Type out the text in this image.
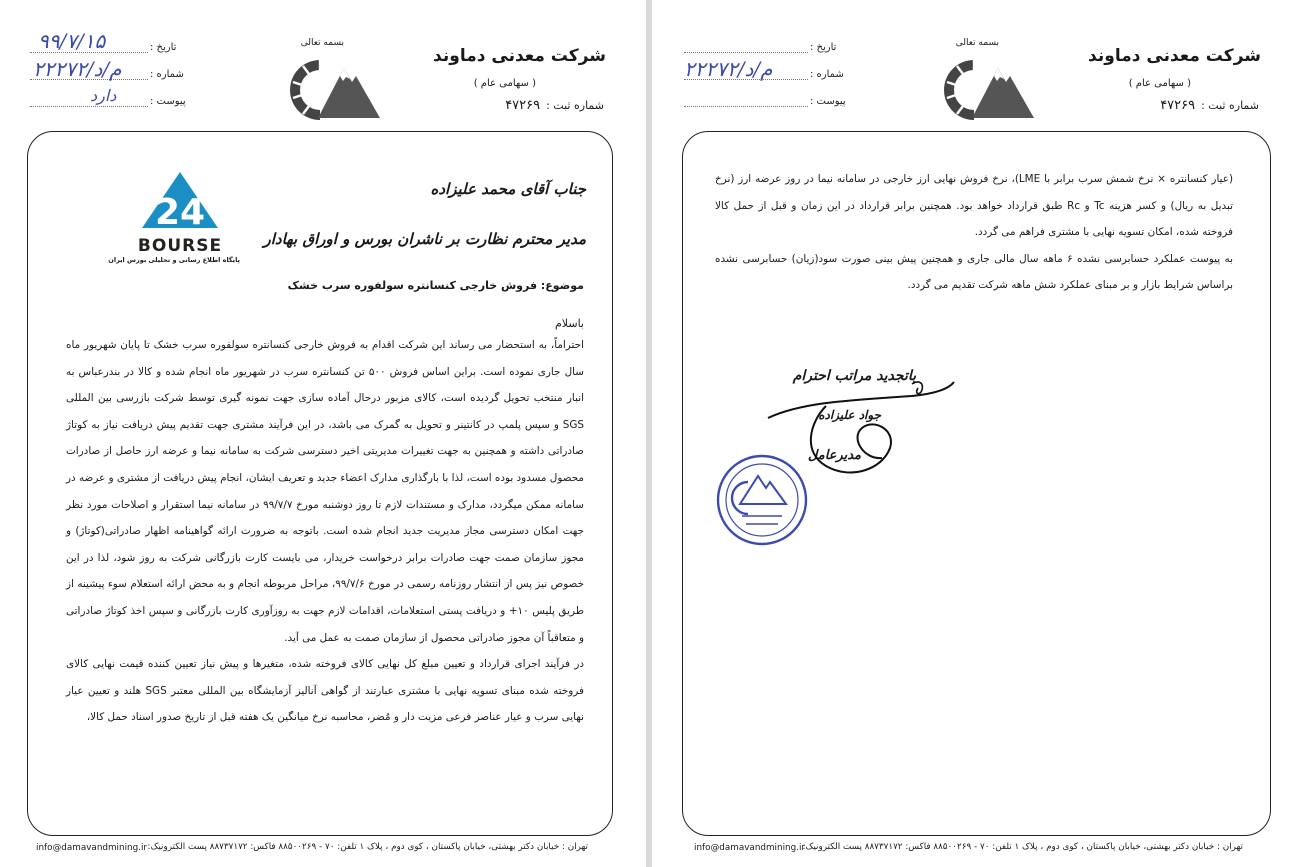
بسمه تعالی
شرکت معدنی دماوند
( سهامی عام )
شماره ثبت :۴۷۲۶۹
تاریخ :
۹۹/۷/۱۵
شماره :
۲۲۲۷۲/م/د
پیوست :
دارد
24
BOURSE
پایگاه اطلاع رسانی و تحلیلی بورس ایران
جناب آقای محمد علیزاده
مدیر محترم نظارت بر ناشران بورس و اوراق بهادار
موضوع: فروش خارجی کنسانتره سولفوره سرب خشک
باسلام

احتراماً، به استحضار می رساند این شرکت اقدام به فروش خارجی کنسانتره سولفوره سرب خشک تا پایان شهریور ماه سال جاری نموده است. براین اساس فروش ۵۰۰ تن کنسانتره سرب در شهریور ماه انجام شده و کالا در بندرعباس به انبار منتخب تحویل گردیده است، کالای مزبور درحال آماده سازی جهت نمونه گیری توسط شرکت بازرسی بین المللی SGS و سپس پلمپ در کانتینر و تحویل به گمرک می باشد، در این فرآیند مشتری جهت تقدیم پیش دریافت نیاز به کوتاژ صادراتی داشته و همچنین به جهت تغییرات مدیریتی اخیر دسترسی شرکت به سامانه نیما و عرضه ارز حاصل از صادرات محصول مسدود بوده است، لذا با بارگذاری مدارک اعضاء جدید و تعریف ایشان، انجام پیش دریافت از مشتری و عرضه در سامانه ممکن میگردد، مدارک و مستندات لازم تا روز دوشنبه مورخ ۹۹/۷/۷ در سامانه نیما استقرار و اصلاحات مورد نظر جهت امکان دسترسی مجاز مدیریت جدید انجام شده است. باتوجه به ضرورت ارائه گواهینامه اظهار صادراتی(کوتاژ) و مجوز سازمان صمت جهت صادرات برابر درخواست خریدار، می بایست کارت بازرگانی شرکت به روز شود، لذا در این خصوص نیز پس از انتشار روزنامه رسمی در مورخ ۹۹/۷/۶، مراحل مربوطه انجام و به محض ارائه استعلام سوء پیشینه از طریق پلیس ۱۰+ و دریافت پستی استعلامات، اقدامات لازم جهت به روزآوری کارت بازرگانی و سپس اخذ کوتاژ صادراتی و متعاقباً آن مجوز صادراتی محصول از سازمان صمت به عمل می آید.

در فرآیند اجرای قرارداد و تعیین مبلغ کل نهایی کالای فروخته شده، متغیرها و پیش نیاز تعیین کننده قیمت نهایی کالای فروخته شده مبنای تسویه نهایی با مشتری عبارتند از گواهی آنالیز آزمایشگاه بین المللی معتبر SGS هلند و تعیین عیار نهایی سرب و عیار عناصر فرعی مزیت دار و مُضر، محاسبه نرخ میانگین یک هفته قبل از تاریخ صدور اسناد حمل کالا،

تهران : خیابان دکتر بهشتی، خیابان پاکستان ، کوی دوم ، پلاک ۱ تلفن: ۷۰ - ۸۸۵۰۰۲۶۹ فاکس: ۸۸۷۳۷۱۷۲ پست الکترونیک:
info@damavandmining.ir
بسمه تعالی
شرکت معدنی دماوند
( سهامی عام )
شماره ثبت :۴۷۲۶۹
تاریخ :
شماره :
۲۲۲۷۲/م/د
پیوست :

(عیار کنسانتره × نرخ شمش سرب برابر با LME)، نرخ فروش نهایی ارز خارجی در سامانه نیما در روز عرضه ارز (نرخ تبدیل به ریال) و کسر هزینه Tc و Rc طبق قرارداد خواهد بود. همچنین برابر قرارداد در این زمان و قبل از حمل کالا فروخته شده، امکان تسویه نهایی با مشتری فراهم می گردد.

به پیوست عملکرد حسابرسی نشده ۶ ماهه سال مالی جاری و همچنین پیش بینی صورت سود(زیان) حسابرسی نشده براساس شرایط بازار و بر مبنای عملکرد شش ماهه شرکت تقدیم می گردد.

باتجدید مراتب احترام
جواد علیزاده
مدیرعامل
تهران : خیابان دکتر بهشتی، خیابان پاکستان ، کوی دوم ، پلاک ۱ تلفن: ۷۰ - ۸۸۵۰۰۲۶۹ فاکس: ۸۸۷۳۷۱۷۲ پست الکترونیک:
info@damavandmining.ir
